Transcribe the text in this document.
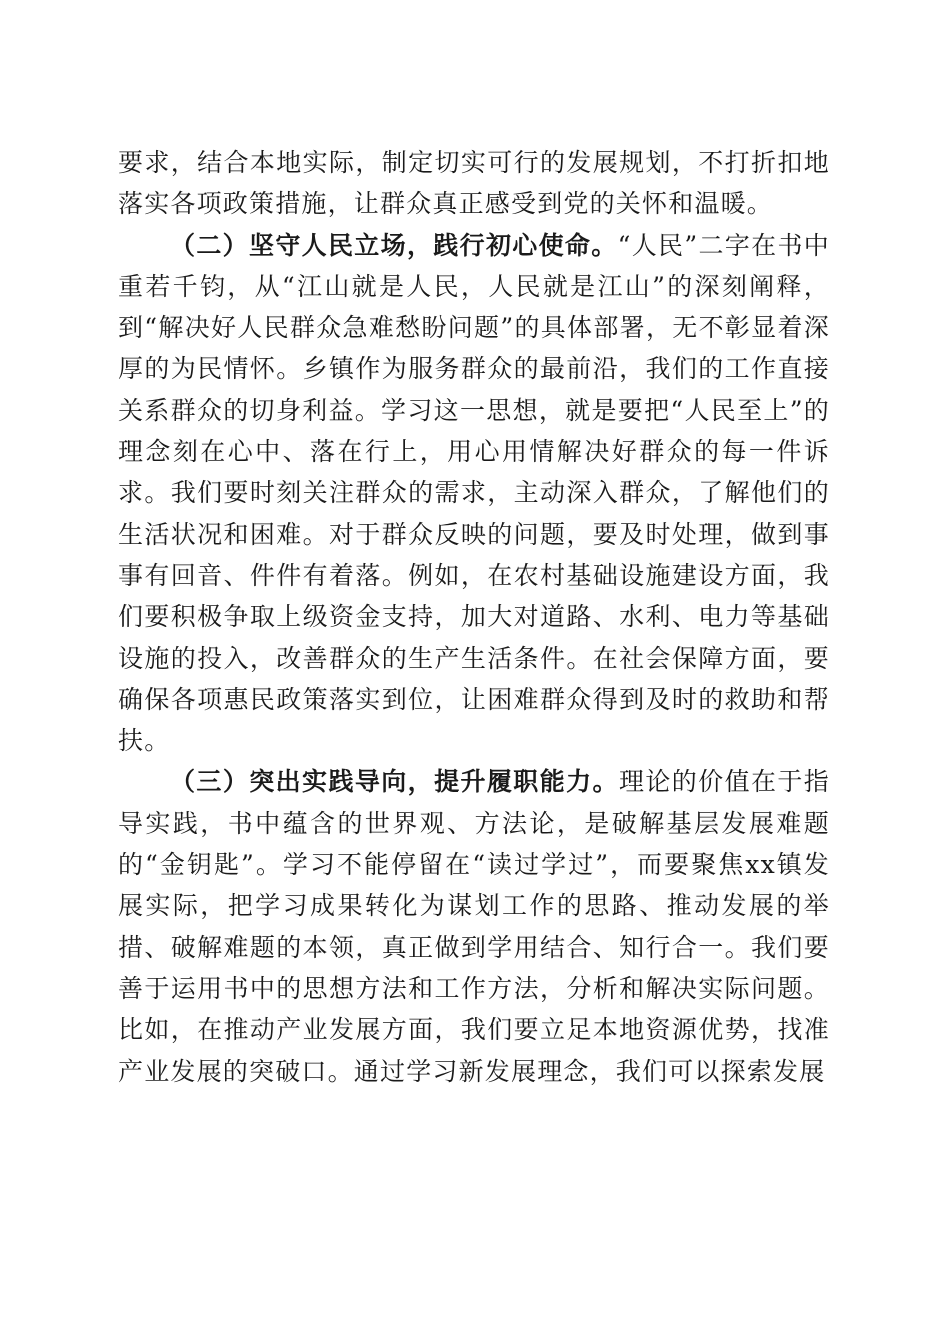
要求，结合本地实际，制定切实可行的发展规划，不打折扣地落实各项政策措施，让群众真正感受到党的关怀和温暖。

（二）坚守人民立场，践行初心使命。“人民”二字在书中重若千钧，从“江山就是人民，人民就是江山”的深刻阐释，到“解决好人民群众急难愁盼问题”的具体部署，无不彰显着深厚的为民情怀。乡镇作为服务群众的最前沿，我们的工作直接关系群众的切身利益。学习这一思想，就是要把“人民至上”的理念刻在心中、落在行上，用心用情解决好群众的每一件诉求。我们要时刻关注群众的需求，主动深入群众，了解他们的生活状况和困难。对于群众反映的问题，要及时处理，做到事事有回音、件件有着落。例如，在农村基础设施建设方面，我们要积极争取上级资金支持，加大对道路、水利、电力等基础设施的投入，改善群众的生产生活条件。在社会保障方面，要确保各项惠民政策落实到位，让困难群众得到及时的救助和帮扶。

（三）突出实践导向，提升履职能力。理论的价值在于指导实践，书中蕴含的世界观、方法论，是破解基层发展难题的“金钥匙”。学习不能停留在“读过学过”，而要聚焦xx镇发展实际，把学习成果转化为谋划工作的思路、推动发展的举措、破解难题的本领，真正做到学用结合、知行合一。我们要善于运用书中的思想方法和工作方法，分析和解决实际问题。比如，在推动产业发展方面，我们要立足本地资源优势，找准产业发展的突破口。通过学习新发展理念，我们可以探索发展
